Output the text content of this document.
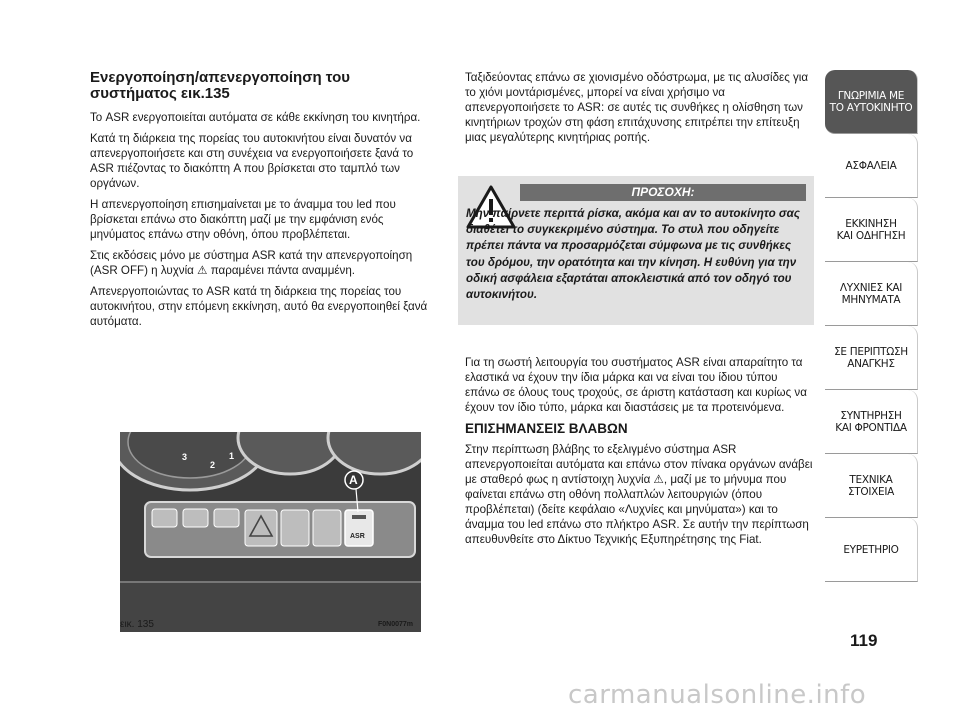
Ενεργοποίηση/απενεργοποίηση του συστήματος εικ.135

Το ASR ενεργοποιείται αυτόματα σε κάθε εκκίνηση του κινητήρα.

Κατά τη διάρκεια της πορείας του αυτοκινήτου είναι δυνατόν να απενεργοποιήσετε και στη συνέχεια να ενεργοποιήσετε ξανά το ASR πιέζοντας το διακόπτη A που βρίσκεται στο ταμπλό των οργάνων.

Η απενεργοποίηση επισημαίνεται με το άναμμα του led που βρίσκεται επάνω στο διακόπτη μαζί με την εμφάνιση ενός μηνύματος επάνω στην οθόνη, όπου προβλέπεται.

Στις εκδόσεις μόνο με σύστημα ASR κατά την απενεργοποίηση (ASR OFF) η λυχνία ⚠ παραμένει πάντα αναμμένη.

Απενεργοποιώντας το ASR κατά τη διάρκεια της πορείας του αυτοκινήτου, στην επόμενη εκκίνηση, αυτό θα ενεργοποιηθεί ξανά αυτόματα.

3
2
1
ASR
A
εικ. 135	F0N0077m

Ταξιδεύοντας επάνω σε χιονισμένο οδόστρωμα, με τις αλυσίδες για το χιόνι μοντάρισμένες, μπορεί να είναι χρήσιμο να απενεργοποιήσετε το ASR: σε αυτές τις συνθήκες η ολίσθηση των κινητήριων τροχών στη φάση επιτάχυνσης επιτρέπει την επίτευξη μιας μεγαλύτερης κινητήριας ροπής.

ΠΡΟΣΟΧΗ:
Μην παίρνετε περιττά ρίσκα, ακόμα και αν το αυτοκίνητο σας διαθέτει το συγκεκριμένο σύστημα. Το στυλ που οδηγείτε πρέπει πάντα να προσαρμόζεται σύμφωνα με τις συνθήκες του δρόμου, την ορατότητα και την κίνηση. Η ευθύνη για την οδική ασφάλεια εξαρτάται αποκλειστικά από τον οδηγό του αυτοκινήτου.

Για τη σωστή λειτουργία του συστήματος ASR είναι απαραίτητο τα ελαστικά να έχουν την ίδια μάρκα και να είναι του ίδιου τύπου επάνω σε όλους τους τροχούς, σε άριστη κατάσταση και κυρίως να έχουν τον ίδιο τύπο, μάρκα και διαστάσεις με τα προτεινόμενα.

ΕΠΙΣΗΜΑΝΣΕΙΣ ΒΛΑΒΩΝ

Στην περίπτωση βλάβης το εξελιγμένο σύστημα ASR απενεργοποιείται αυτόματα και επάνω στον πίνακα οργάνων ανάβει με σταθερό φως η αντίστοιχη λυχνία ⚠, μαζί με το μήνυμα που φαίνεται επάνω στη οθόνη πολλαπλών λειτουργιών (όπου προβλέπεται) (δείτε κεφάλαιο «Λυχνίες και μηνύματα») και το άναμμα του led επάνω στο πλήκτρο ASR. Σε αυτήν την περίπτωση απευθυνθείτε στο Δίκτυο Τεχνικής Εξυπηρέτησης της Fiat.

ΓΝΩΡΙΜΙΑ ΜΕ
ΤΟ ΑΥΤΟΚΙΝΗΤΟ
ΑΣΦΑΛΕΙΑ
ΕΚΚΙΝΗΣΗ
ΚΑΙ ΟΔΗΓΗΣΗ
ΛΥΧΝΙΕΣ ΚΑΙ
ΜΗΝΥΜΑΤΑ
ΣΕ ΠΕΡΙΠΤΩΣΗ
ΑΝΑΓΚΗΣ
ΣΥΝΤΗΡΗΣΗ
ΚΑΙ ΦΡΟΝΤΙΔΑ
ΤΕΧΝΙΚΑ
ΣΤΟΙΧΕΙΑ
ΕΥΡΕΤΗΡΙΟ
119
carmanualsonline.info
